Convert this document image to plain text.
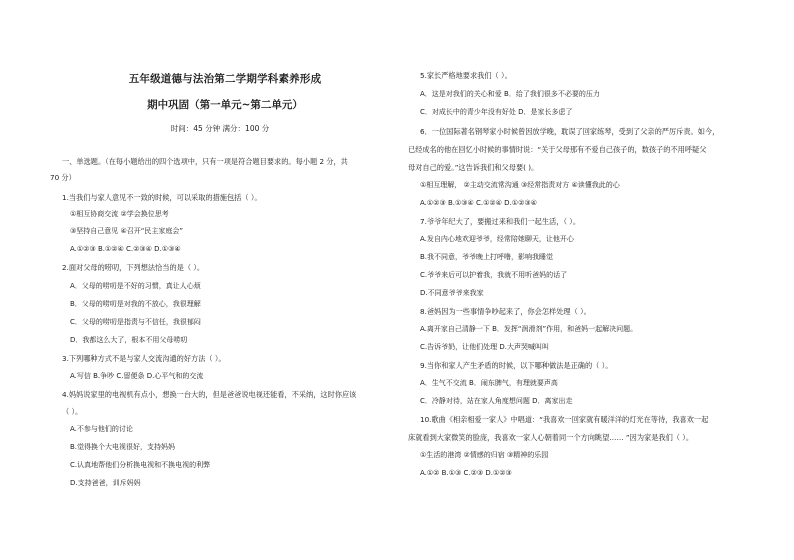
五年级道德与法治第二学期学科素养形成
期中巩固（第一单元~第二单元）
时间：45 分钟 满分：100 分
一、单选题。（在每小题给出的四个选项中，只有一项是符合题目要求的。每小题 2 分，共
70 分）
1.当我们与家人意见不一致的时候，可以采取的措施包括（ ）。
①相互协商交流 ②学会换位思考
③坚持自己意见 ④召开“民主家庭会”
A.①②③ B.①②④ C.②③④ D.①③④
2.面对父母的唠叨，下列想法恰当的是（ ）。
A．父母的唠叨是不好的习惯，真让人心烦
B．父母的唠叨是对我的不放心，我很理解
C．父母的唠叨是指责与不信任，我很郁闷
D．我都这么大了，根本不用父母唠叨
3.下列哪种方式不是与家人交流沟通的好方法（ ）。
A.写信 B.争吵 C.留便条 D.心平气和的交流
4.妈妈说家里的电视机有点小，想换一台大的，但是爸爸说电视还能看，不采纳，这时你应该
（ ）。
A.不参与他们的讨论
B.觉得换个大电视很好，支持妈妈
C.认真地帮他们分析换电视和不换电视的利弊
D.支持爸爸，训斥妈妈
5.家长严格地要求我们（ ）。
A．这是对我们的关心和爱 B．给了我们很多不必要的压力
C．对成长中的青少年没有好处 D．是家长多虑了
6．一位国际著名钢琴家小时候曾因放学晚，耽误了回家练琴，受到了父亲的严厉斥责。如今，
已经成名的他在回忆小时候的事情时说：“关于父母那有不爱自己孩子的，数孩子的不用呼疑父
母对自己的爱。”这告诉我们和父母要( )。
①相互理解， ②主动交流常沟通 ③经常指责对方 ④读懂我此的心
A.①②③ B.①③④ C.①②④ D.①②③④
7.爷爷年纪大了，要搬过来和我们一起生活，（ ）。
A.发自内心地欢迎爷爷，经常陪她聊天，让他开心
B.我不同意，爷爷晚上打呼噜，影响我睡觉
C.爷爷来后可以护着我，我就不用听爸妈的话了
D.不同意爷爷来我家
8.爸妈因为一些事情争吵起来了，你会怎样处理（ ）。
A.离开家自己清静一下 B．发挥“润滑剂”作用，和爸妈一起解决问题。
C.告诉爷奶，让他们处理 D.大声哭喊叫叫
9.当你和家人产生矛盾的时候，以下哪种做法是正确的（ ）。
A．生气不交流 B．闹东脾气，有理就要声高
C．冷静对待，站在家人角度想问题 D．离家出走
10.歌曲《相亲相爱一家人》中唱道：“我喜欢一回家就有暖洋洋的灯光在等待，我喜欢一起
床就看到大家微笑的脸庞，我喜欢一家人心朝着同一个方向眺望…… ”因为家是我们（ ）。
①生活的港湾 ②情感的归宿 ③精神的乐园
A.①② B.①③ C.②③ D.①②③
